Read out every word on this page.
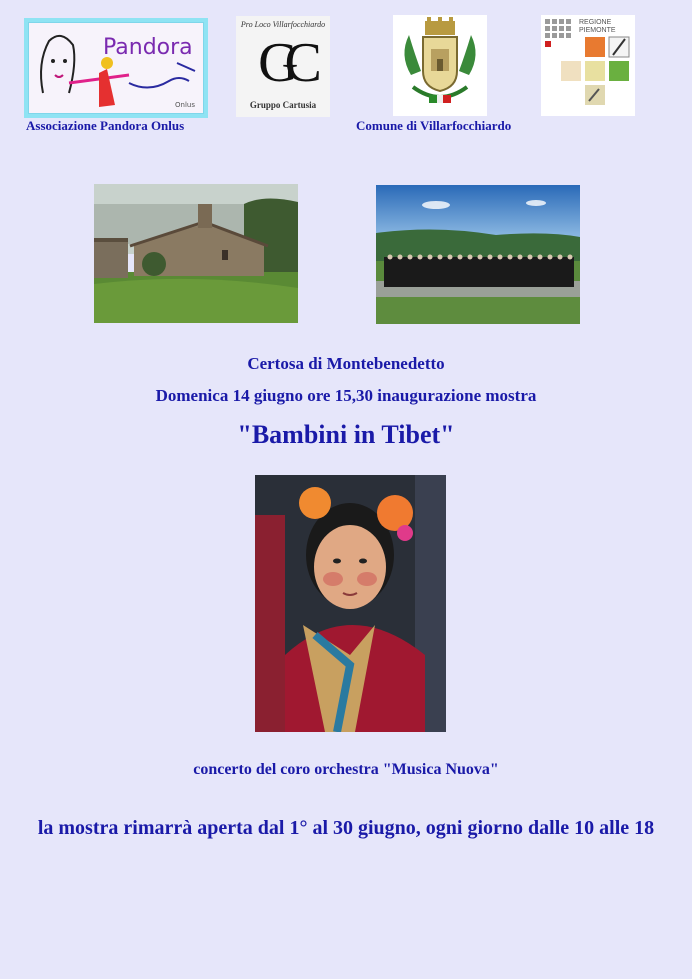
Pandora
Onlus
Pro Loco Villarfocchiardo
GC
Gruppo Cartusia
REGIONE
PIEMONTE
Associazione Pandora Onlus	Comune di Villarfocchiardo
Certosa di Montebenedetto
Domenica 14 giugno ore 15,30 inaugurazione mostra
"Bambini in Tibet"
concerto del coro orchestra "Musica Nuova"
la mostra rimarrà aperta dal 1° al 30 giugno, ogni giorno dalle 10 alle 18
